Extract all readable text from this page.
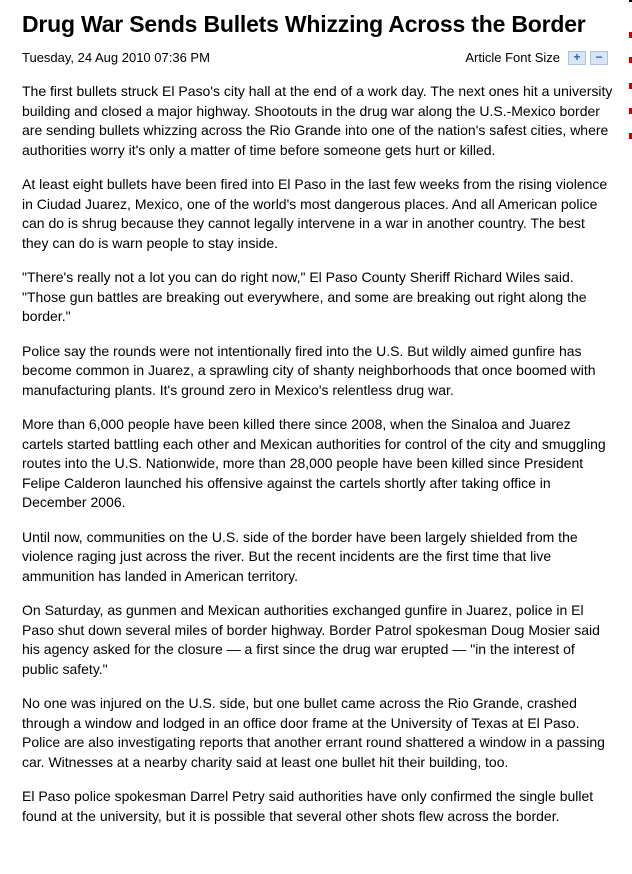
Drug War Sends Bullets Whizzing Across the Border
Tuesday, 24 Aug 2010 07:36 PM	Article Font Size	+	−

The first bullets struck El Paso's city hall at the end of a work day. The next ones hit a university building and closed a major highway. Shootouts in the drug war along the U.S.-Mexico border are sending bullets whizzing across the Rio Grande into one of the nation's safest cities, where authorities worry it's only a matter of time before someone gets hurt or killed.

At least eight bullets have been fired into El Paso in the last few weeks from the rising violence in Ciudad Juarez, Mexico, one of the world's most dangerous places. And all American police can do is shrug because they cannot legally intervene in a war in another country. The best they can do is warn people to stay inside.

"There's really not a lot you can do right now," El Paso County Sheriff Richard Wiles said. "Those gun battles are breaking out everywhere, and some are breaking out right along the border."

Police say the rounds were not intentionally fired into the U.S. But wildly aimed gunfire has become common in Juarez, a sprawling city of shanty neighborhoods that once boomed with manufacturing plants. It's ground zero in Mexico's relentless drug war.

More than 6,000 people have been killed there since 2008, when the Sinaloa and Juarez cartels started battling each other and Mexican authorities for control of the city and smuggling routes into the U.S. Nationwide, more than 28,000 people have been killed since President Felipe Calderon launched his offensive against the cartels shortly after taking office in December 2006.

Until now, communities on the U.S. side of the border have been largely shielded from the violence raging just across the river. But the recent incidents are the first time that live ammunition has landed in American territory.

On Saturday, as gunmen and Mexican authorities exchanged gunfire in Juarez, police in El Paso shut down several miles of border highway. Border Patrol spokesman Doug Mosier said his agency asked for the closure — a first since the drug war erupted — "in the interest of public safety."

No one was injured on the U.S. side, but one bullet came across the Rio Grande, crashed through a window and lodged in an office door frame at the University of Texas at El Paso. Police are also investigating reports that another errant round shattered a window in a passing car. Witnesses at a nearby charity said at least one bullet hit their building, too.

El Paso police spokesman Darrel Petry said authorities have only confirmed the single bullet found at the university, but it is possible that several other shots flew across the border.
